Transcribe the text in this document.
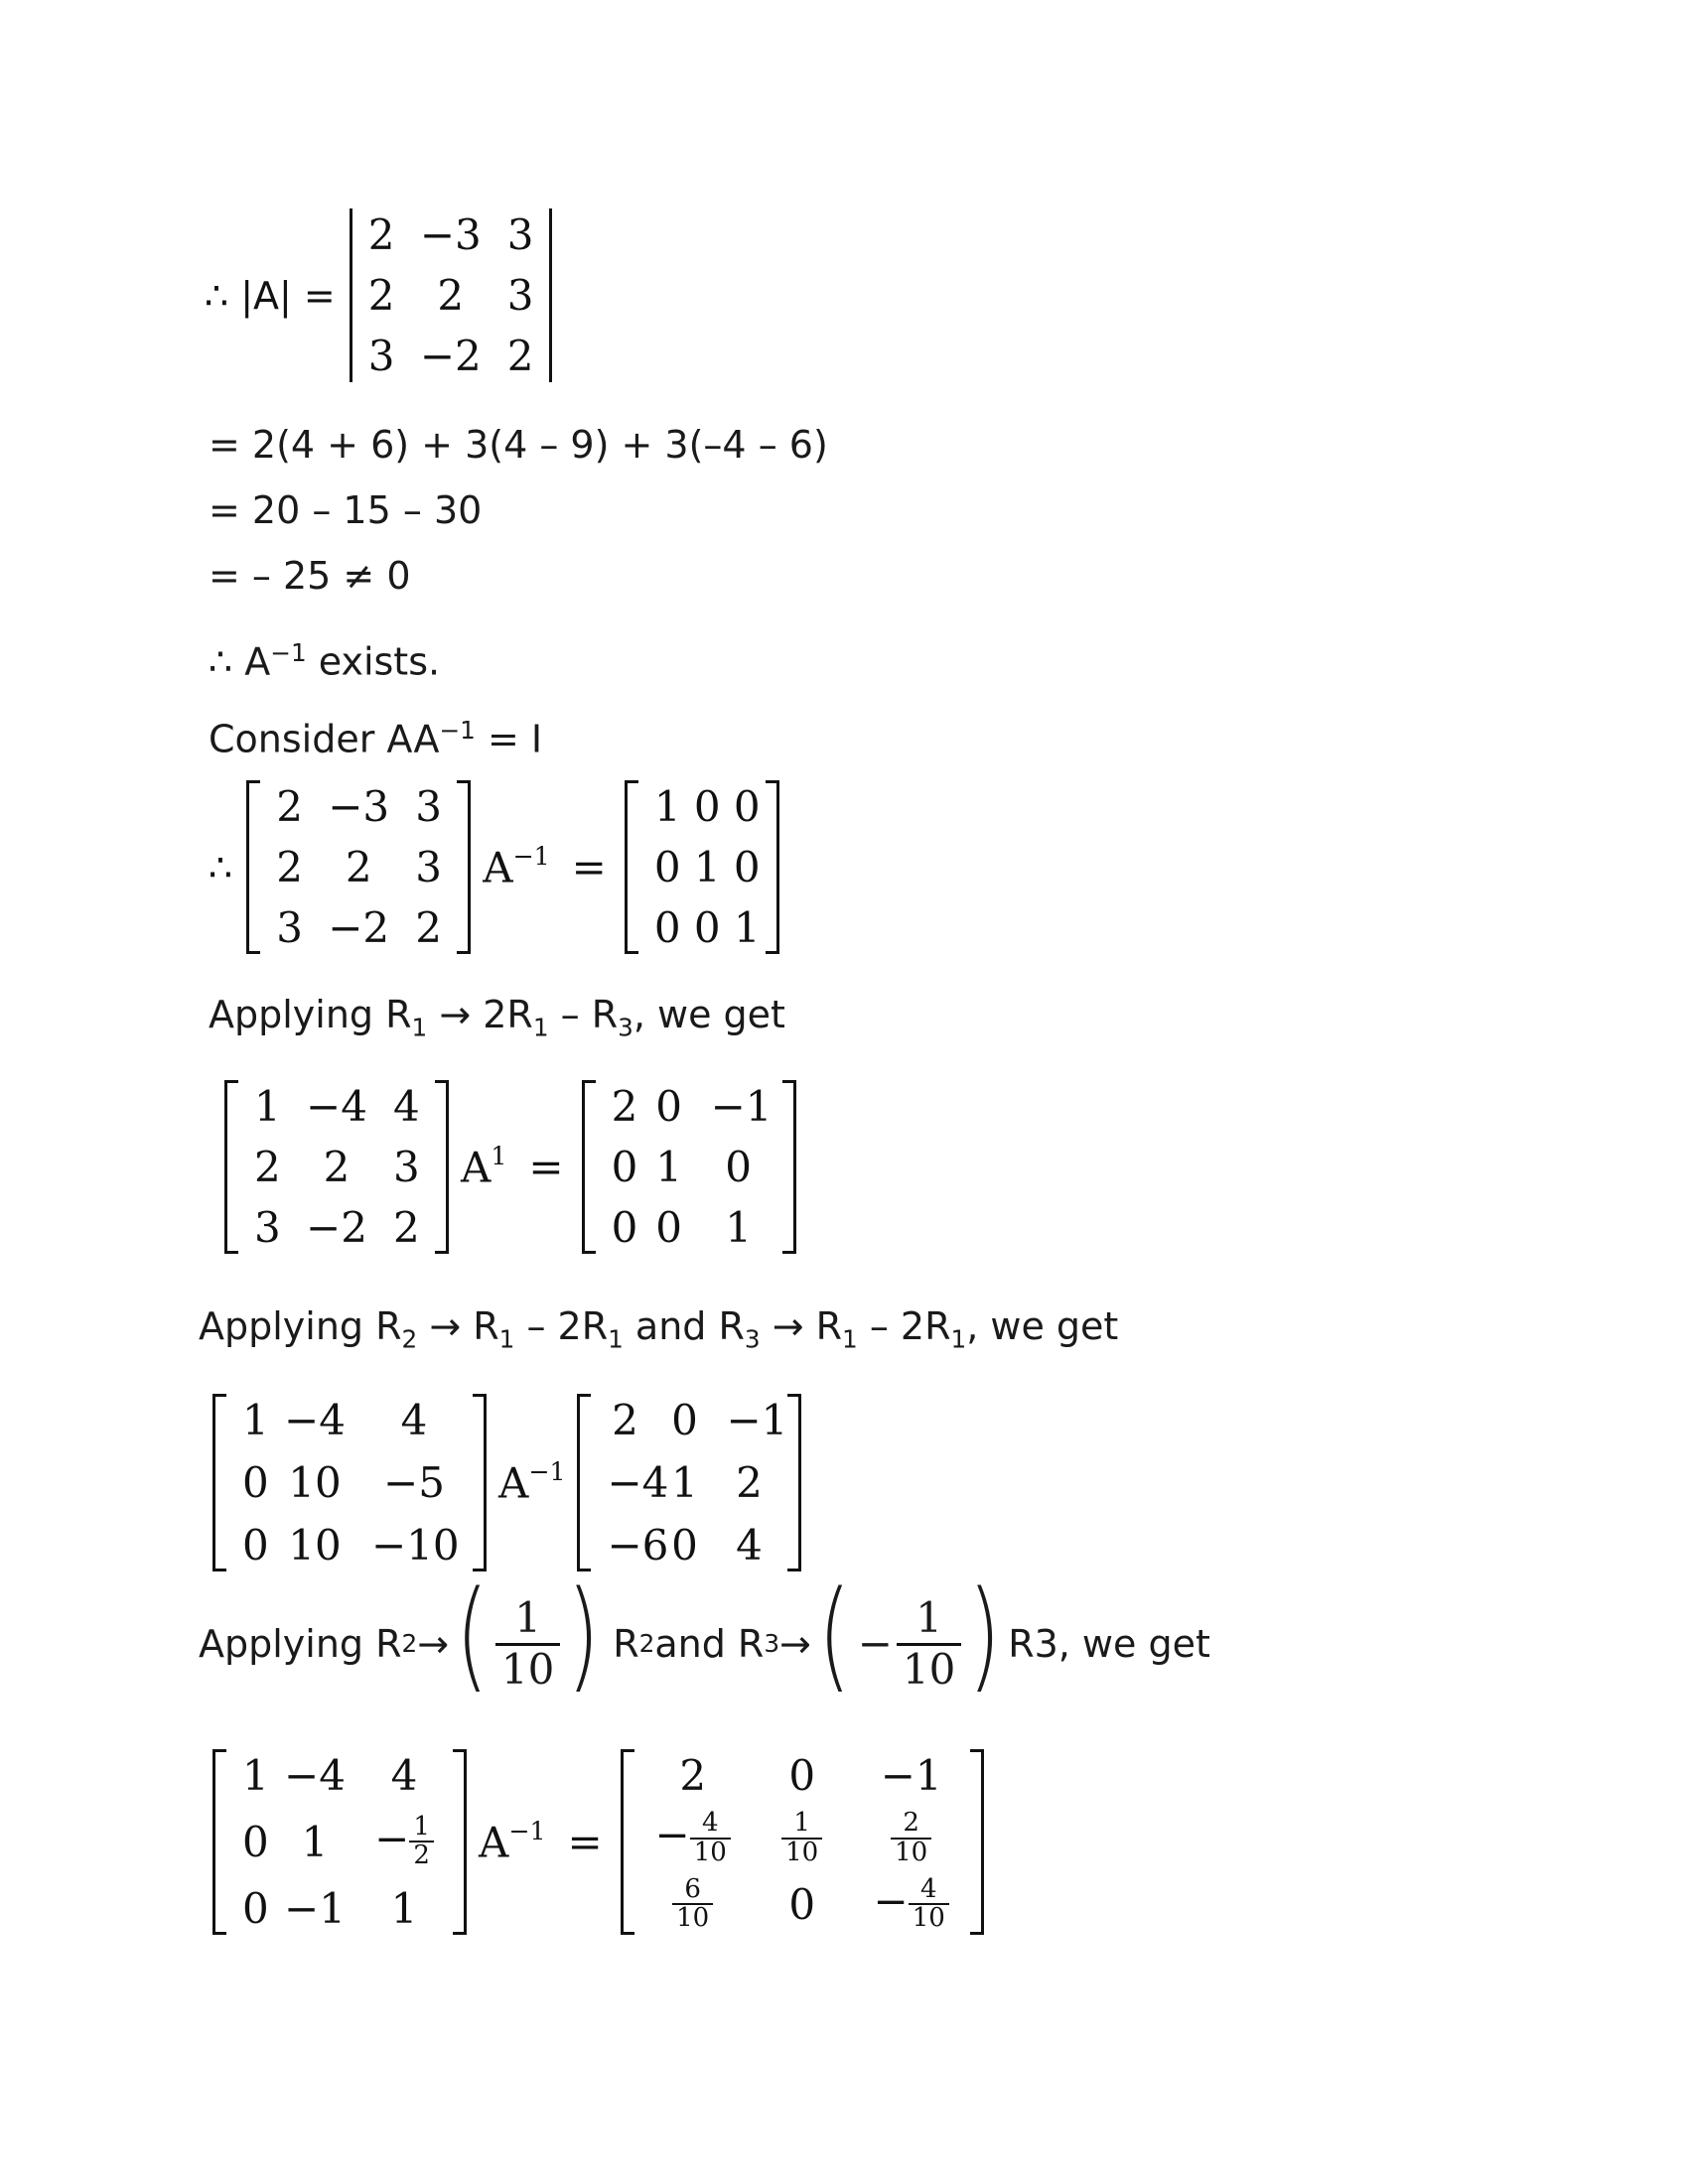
∴ |A| =
2 −3 3
2	2	3
3 −2 2
= 2(4 + 6) + 3(4 – 9) + 3(–4 – 6)
= 20 – 15 – 30
= – 25 ≠ 0
∴ $A^{-1}$ exists.
Consider $AA^{-1} = I$
∴
2 −3 3
2	2	3
3 −2 2
$A^{-1}$ =
1 0 0
0 1 0
0 0 1
Applying $R_1 \to 2R_1 - R_3$, we get
1 −4 4
2	2	3
3 −2 2
$A^1$ =
2 0 −1
0 1	0
0 0	1
Applying $R_2 \to R_1 - 2R_1$ and $R_3 \to R_1 - 2R_1$, we get
1 −4	4
0 10	−5
0 10 −10
$A^{-1}$
2 0 −1
−4 1 2
−6 0 4
Applying R 2 → ( $\frac{1}{10}$ ) R 2 and R 3 → ( − $\frac{1}{10}$ ) R3, we get
1 −4	4
0 1	− $\frac{1}{2}$
0 −1	1
$A^{-1}$ =
2	0	−1
− $\frac{4}{10} \frac{1}{10}$	$\frac{2}{10}$
$\frac{6}{10}$	0	− $\frac{4}{10}$
